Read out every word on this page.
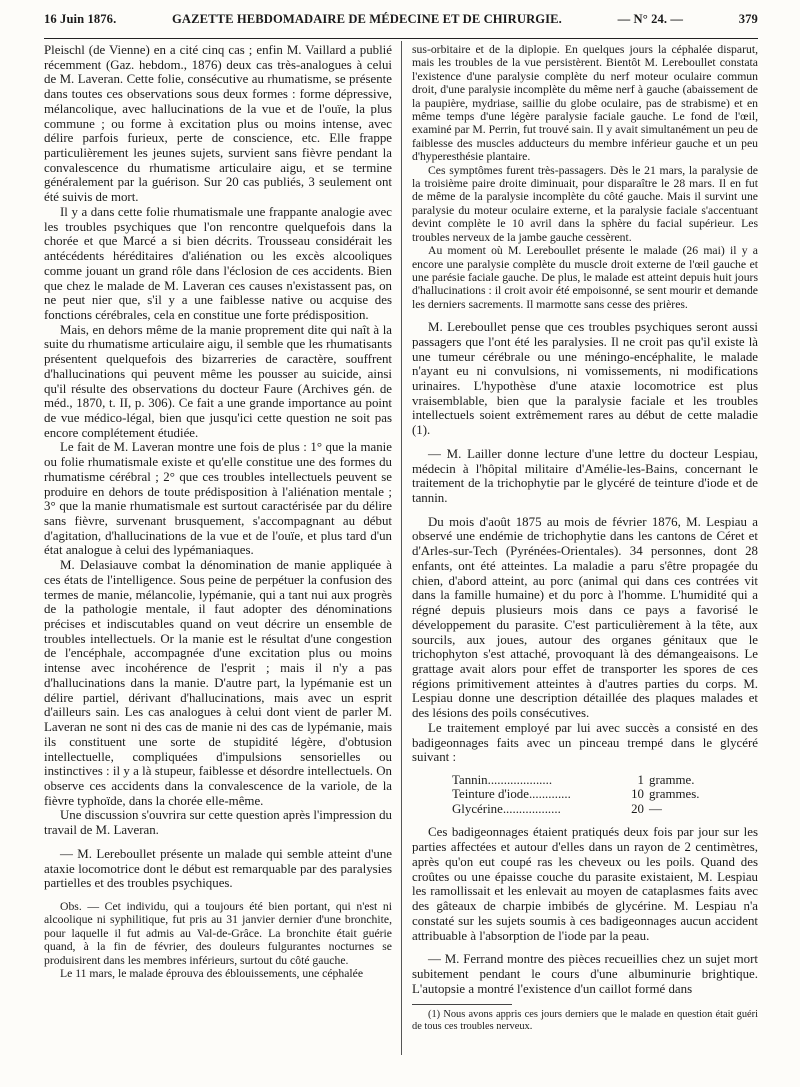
16 Juin 1876.	GAZETTE HEBDOMADAIRE DE MÉDECINE ET DE CHIRURGIE.	— N° 24. —	379

Pleischl (de Vienne) en a cité cinq cas ; enfin M. Vaillard a publié récemment (Gaz. hebdom., 1876) deux cas très-analogues à celui de M. Laveran. Cette folie, consécutive au rhumatisme, se présente dans toutes ces observations sous deux formes : forme dépressive, mélancolique, avec hallucinations de la vue et de l'ouïe, la plus commune ; ou forme à excitation plus ou moins intense, avec délire parfois furieux, perte de conscience, etc. Elle frappe particulièrement les jeunes sujets, survient sans fièvre pendant la convalescence du rhumatisme articulaire aigu, et se termine généralement par la guérison. Sur 20 cas publiés, 3 seulement ont été suivis de mort.

Il y a dans cette folie rhumatismale une frappante analogie avec les troubles psychiques que l'on rencontre quelquefois dans la chorée et que Marcé a si bien décrits. Trousseau considérait les antécédents héréditaires d'aliénation ou les excès alcooliques comme jouant un grand rôle dans l'éclosion de ces accidents. Bien que chez le malade de M. Laveran ces causes n'existassent pas, on ne peut nier que, s'il y a une faiblesse native ou acquise des fonctions cérébrales, cela en constitue une forte prédisposition.

Mais, en dehors même de la manie proprement dite qui naît à la suite du rhumatisme articulaire aigu, il semble que les rhumatisants présentent quelquefois des bizarreries de caractère, souffrent d'hallucinations qui peuvent même les pousser au suicide, ainsi qu'il résulte des observations du docteur Faure (Archives gén. de méd., 1870, t. II, p. 306). Ce fait a une grande importance au point de vue médico-légal, bien que jusqu'ici cette question ne soit pas encore complétement étudiée.

Le fait de M. Laveran montre une fois de plus : 1° que la manie ou folie rhumatismale existe et qu'elle constitue une des formes du rhumatisme cérébral ; 2° que ces troubles intellectuels peuvent se produire en dehors de toute prédisposition à l'aliénation mentale ; 3° que la manie rhumatismale est surtout caractérisée par du délire sans fièvre, survenant brusquement, s'accompagnant au début d'agitation, d'hallucinations de la vue et de l'ouïe, et plus tard d'un état analogue à celui des lypémaniaques.

M. Delasiauve combat la dénomination de manie appliquée à ces états de l'intelligence. Sous peine de perpétuer la confusion des termes de manie, mélancolie, lypémanie, qui a tant nui aux progrès de la pathologie mentale, il faut adopter des dénominations précises et indiscutables quand on veut décrire un ensemble de troubles intellectuels. Or la manie est le résultat d'une congestion de l'encéphale, accompagnée d'une excitation plus ou moins intense avec incohérence de l'esprit ; mais il n'y a pas d'hallucinations dans la manie. D'autre part, la lypémanie est un délire partiel, dérivant d'hallucinations, mais avec un esprit d'ailleurs sain. Les cas analogues à celui dont vient de parler M. Laveran ne sont ni des cas de manie ni des cas de lypémanie, mais ils constituent une sorte de stupidité légère, d'obtusion intellectuelle, compliquées d'impulsions sensorielles ou instinctives : il y a là stupeur, faiblesse et désordre intellectuels. On observe ces accidents dans la convalescence de la variole, de la fièvre typhoïde, dans la chorée elle-même.

Une discussion s'ouvrira sur cette question après l'impression du travail de M. Laveran.

— M. Lereboullet présente un malade qui semble atteint d'une ataxie locomotrice dont le début est remarquable par des paralysies partielles et des troubles psychiques.

Obs. — Cet individu, qui a toujours été bien portant, qui n'est ni alcoolique ni syphilitique, fut pris au 31 janvier dernier d'une bronchite, pour laquelle il fut admis au Val-de-Grâce. La bronchite était guérie quand, à la fin de février, des douleurs fulgurantes nocturnes se produisirent dans les membres inférieurs, surtout du côté gauche.

Le 11 mars, le malade éprouva des éblouissements, une céphalée

sus-orbitaire et de la diplopie. En quelques jours la céphalée disparut, mais les troubles de la vue persistèrent. Bientôt M. Lereboullet constata l'existence d'une paralysie complète du nerf moteur oculaire commun droit, d'une paralysie incomplète du même nerf à gauche (abaissement de la paupière, mydriase, saillie du globe oculaire, pas de strabisme) et en même temps d'une légère paralysie faciale gauche. Le fond de l'œil, examiné par M. Perrin, fut trouvé sain. Il y avait simultanément un peu de faiblesse des muscles adducteurs du membre inférieur gauche et un peu d'hyperesthésie plantaire.

Ces symptômes furent très-passagers. Dès le 21 mars, la paralysie de la troisième paire droite diminuait, pour disparaître le 28 mars. Il en fut de même de la paralysie incomplète du côté gauche. Mais il survint une paralysie du moteur oculaire externe, et la paralysie faciale s'accentuant devint complète le 10 avril dans la sphère du facial supérieur. Les troubles nerveux de la jambe gauche cessèrent.

Au moment où M. Lereboullet présente le malade (26 mai) il y a encore une paralysie complète du muscle droit externe de l'œil gauche et une parésie faciale gauche. De plus, le malade est atteint depuis huit jours d'hallucinations : il croit avoir été empoisonné, se sent mourir et demande les derniers sacrements. Il marmotte sans cesse des prières.

M. Lereboullet pense que ces troubles psychiques seront aussi passagers que l'ont été les paralysies. Il ne croit pas qu'il existe là une tumeur cérébrale ou une méningo-encéphalite, le malade n'ayant eu ni convulsions, ni vomissements, ni modifications urinaires. L'hypothèse d'une ataxie locomotrice est plus vraisemblable, bien que la paralysie faciale et les troubles intellectuels soient extrêmement rares au début de cette maladie (1).

— M. Lailler donne lecture d'une lettre du docteur Lespiau, médecin à l'hôpital militaire d'Amélie-les-Bains, concernant le traitement de la trichophytie par le glycéré de teinture d'iode et de tannin.

Du mois d'août 1875 au mois de février 1876, M. Lespiau a observé une endémie de trichophytie dans les cantons de Céret et d'Arles-sur-Tech (Pyrénées-Orientales). 34 personnes, dont 28 enfants, ont été atteintes. La maladie a paru s'être propagée du chien, d'abord atteint, au porc (animal qui dans ces contrées vit dans la famille humaine) et du porc à l'homme. L'humidité qui a régné depuis plusieurs mois dans ce pays a favorisé le développement du parasite. C'est particulièrement à la tête, aux sourcils, aux joues, autour des organes génitaux que le trichophyton s'est attaché, provoquant là des démangeaisons. Le grattage avait alors pour effet de transporter les spores de ces régions primitivement atteintes à d'autres parties du corps. M. Lespiau donne une description détaillée des plaques malades et des lésions des poils consécutives.

Le traitement employé par lui avec succès a consisté en des badigeonnages faits avec un pinceau trempé dans le glycéré suivant :

Tannin....................	1	gramme.
Teinture d'iode.............	10	grammes.
Glycérine..................	20	—

Ces badigeonnages étaient pratiqués deux fois par jour sur les parties affectées et autour d'elles dans un rayon de 2 centimètres, après qu'on eut coupé ras les cheveux ou les poils. Quand des croûtes ou une épaisse couche du parasite existaient, M. Lespiau les ramollissait et les enlevait au moyen de cataplasmes faits avec des gâteaux de charpie imbibés de glycérine. M. Lespiau n'a constaté sur les sujets soumis à ces badigeonnages aucun accident attribuable à l'absorption de l'iode par la peau.

— M. Ferrand montre des pièces recueillies chez un sujet mort subitement pendant le cours d'une albuminurie brightique. L'autopsie a montré l'existence d'un caillot formé dans

(1) Nous avons appris ces jours derniers que le malade en question était guéri de tous ces troubles nerveux.
